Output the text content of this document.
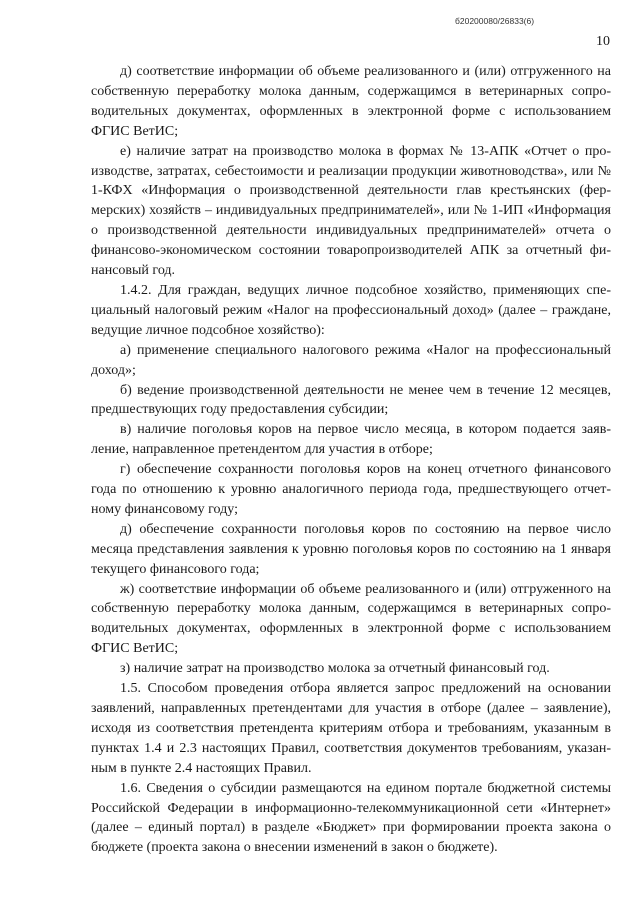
б20200080/26833(6)
10

д) соответствие информации об объеме реализованного и (или) отгруженного на собственную переработку молока данным, содержащимся в ветеринарных сопроводительных документах, оформленных в электронной форме с использованием ФГИС ВетИС;

е) наличие затрат на производство молока в формах № 13-АПК «Отчет о производстве, затратах, себестоимости и реализации продукции животноводства», или № 1-КФХ «Информация о производственной деятельности глав крестьянских (фермерских) хозяйств – индивидуальных предпринимателей», или № 1-ИП «Информация о производственной деятельности индивидуальных предпринимателей» отчета о финансово-экономическом состоянии товаропроизводителей АПК за отчетный финансовый год.

1.4.2. Для граждан, ведущих личное подсобное хозяйство, применяющих специальный налоговый режим «Налог на профессиональный доход» (далее – граждане, ведущие личное подсобное хозяйство):

а) применение специального налогового режима «Налог на профессиональный доход»;

б) ведение производственной деятельности не менее чем в течение 12 месяцев, предшествующих году предоставления субсидии;

в) наличие поголовья коров на первое число месяца, в котором подается заявление, направленное претендентом для участия в отборе;

г) обеспечение сохранности поголовья коров на конец отчетного финансового года по отношению к уровню аналогичного периода года, предшествующего отчетному финансовому году;

д) обеспечение сохранности поголовья коров по состоянию на первое число месяца представления заявления к уровню поголовья коров по состоянию на 1 января текущего финансового года;

ж) соответствие информации об объеме реализованного и (или) отгруженного на собственную переработку молока данным, содержащимся в ветеринарных сопроводительных документах, оформленных в электронной форме с использованием ФГИС ВетИС;

з) наличие затрат на производство молока за отчетный финансовый год.

1.5. Способом проведения отбора является запрос предложений на основании заявлений, направленных претендентами для участия в отборе (далее – заявление), исходя из соответствия претендента критериям отбора и требованиям, указанным в пунктах 1.4 и 2.3 настоящих Правил, соответствия документов требованиям, указанным в пункте 2.4 настоящих Правил.

1.6. Сведения о субсидии размещаются на едином портале бюджетной системы Российской Федерации в информационно-телекоммуникационной сети «Интернет» (далее – единый портал) в разделе «Бюджет» при формировании проекта закона о бюджете (проекта закона о внесении изменений в закон о бюджете).
